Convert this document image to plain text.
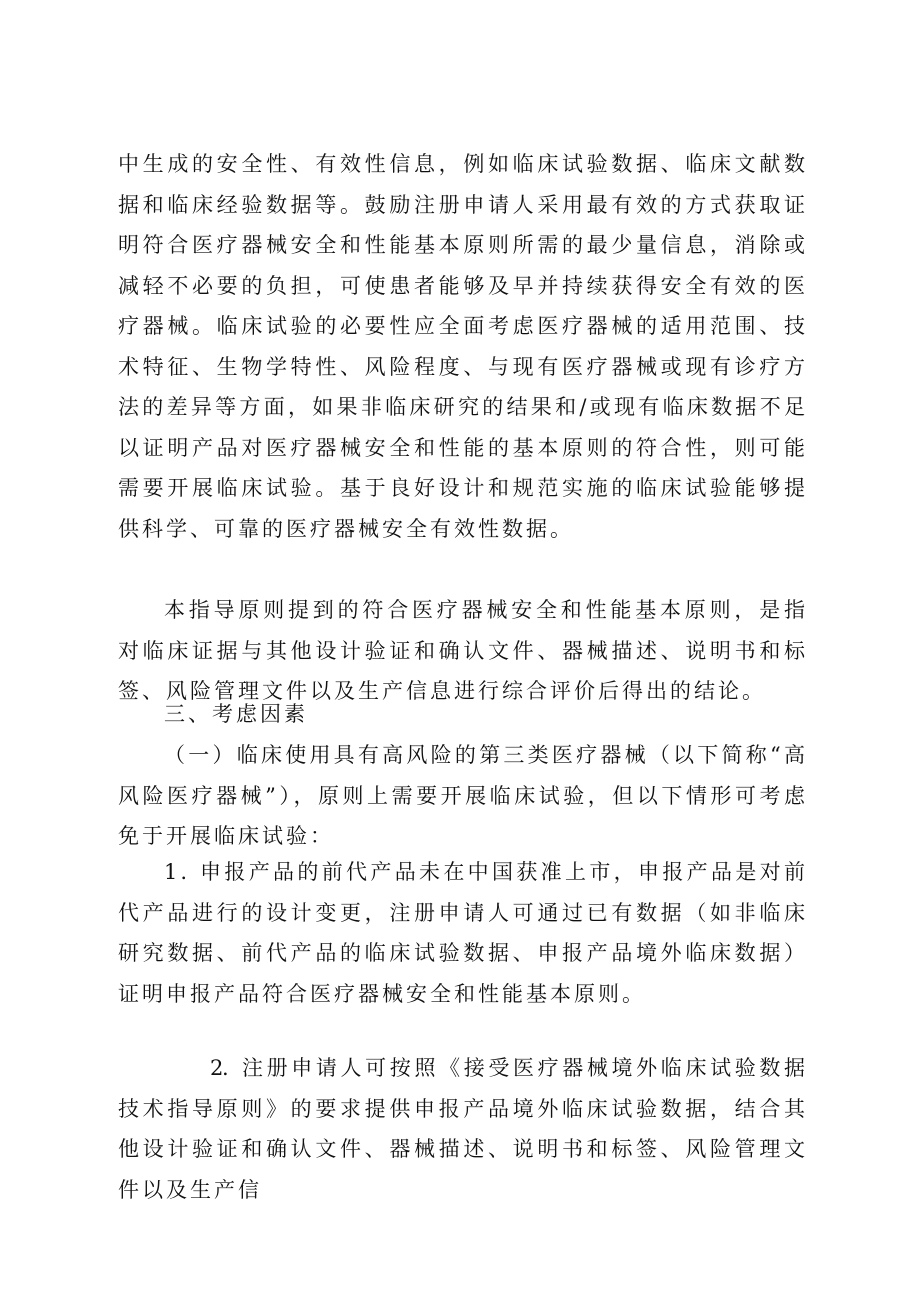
中生成的安全性、有效性信息，例如临床试验数据、临床文献数据和临床经验数据等。鼓励注册申请人采用最有效的方式获取证明符合医疗器械安全和性能基本原则所需的最少量信息，消除或减轻不必要的负担，可使患者能够及早并持续获得安全有效的医疗器械。临床试验的必要性应全面考虑医疗器械的适用范围、技术特征、生物学特性、风险程度、与现有医疗器械或现有诊疗方法的差异等方面，如果非临床研究的结果和/或现有临床数据不足以证明产品对医疗器械安全和性能的基本原则的符合性，则可能需要开展临床试验。基于良好设计和规范实施的临床试验能够提供科学、可靠的医疗器械安全有效性数据。

本指导原则提到的符合医疗器械安全和性能基本原则，是指对临床证据与其他设计验证和确认文件、器械描述、说明书和标签、风险管理文件以及生产信息进行综合评价后得出的结论。

三、考虑因素

（一）临床使用具有高风险的第三类医疗器械（以下简称“高风险医疗器械”），原则上需要开展临床试验，但以下情形可考虑免于开展临床试验：

1. 申报产品的前代产品未在中国获准上市，申报产品是对前代产品进行的设计变更，注册申请人可通过已有数据（如非临床研究数据、前代产品的临床试验数据、申报产品境外临床数据）证明申报产品符合医疗器械安全和性能基本原则。

2. 注册申请人可按照《接受医疗器械境外临床试验数据技术指导原则》的要求提供申报产品境外临床试验数据，结合其他设计验证和确认文件、器械描述、说明书和标签、风险管理文件以及生产信
